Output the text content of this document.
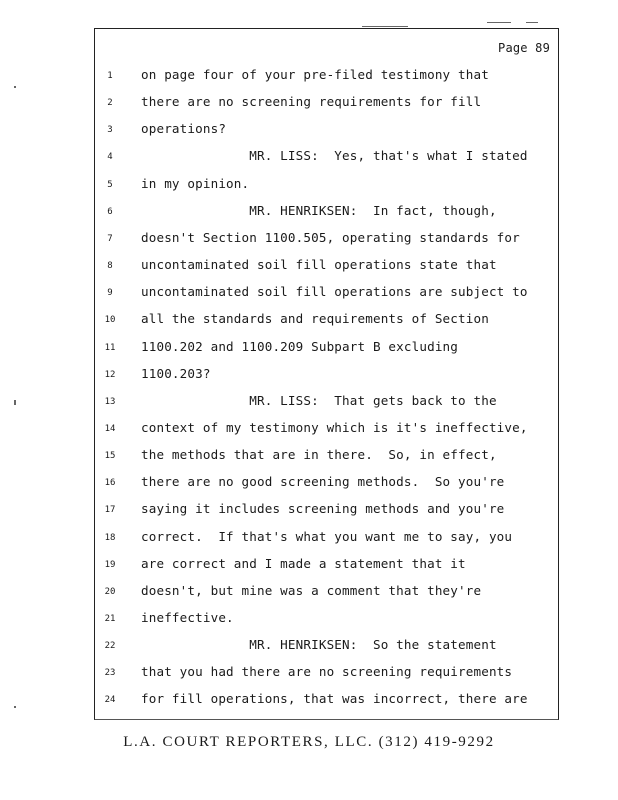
Page 89
1	on page four of your pre-filed testimony that
2	there are no screening requirements for fill
3	operations?
4	MR. LISS:  Yes, that's what I stated
5	in my opinion.
6	MR. HENRIKSEN:  In fact, though,
7	doesn't Section 1100.505, operating standards for
8	uncontaminated soil fill operations state that
9	uncontaminated soil fill operations are subject to
10	all the standards and requirements of Section
11	1100.202 and 1100.209 Subpart B excluding
12	1100.203?
13	MR. LISS:  That gets back to the
14	context of my testimony which is it's ineffective,
15	the methods that are in there.  So, in effect,
16	there are no good screening methods.  So you're
17	saying it includes screening methods and you're
18	correct.  If that's what you want me to say, you
19	are correct and I made a statement that it
20	doesn't, but mine was a comment that they're
21	ineffective.
22	MR. HENRIKSEN:  So the statement
23	that you had there are no screening requirements
24	for fill operations, that was incorrect, there are
L.A. COURT REPORTERS, LLC. (312) 419-9292
